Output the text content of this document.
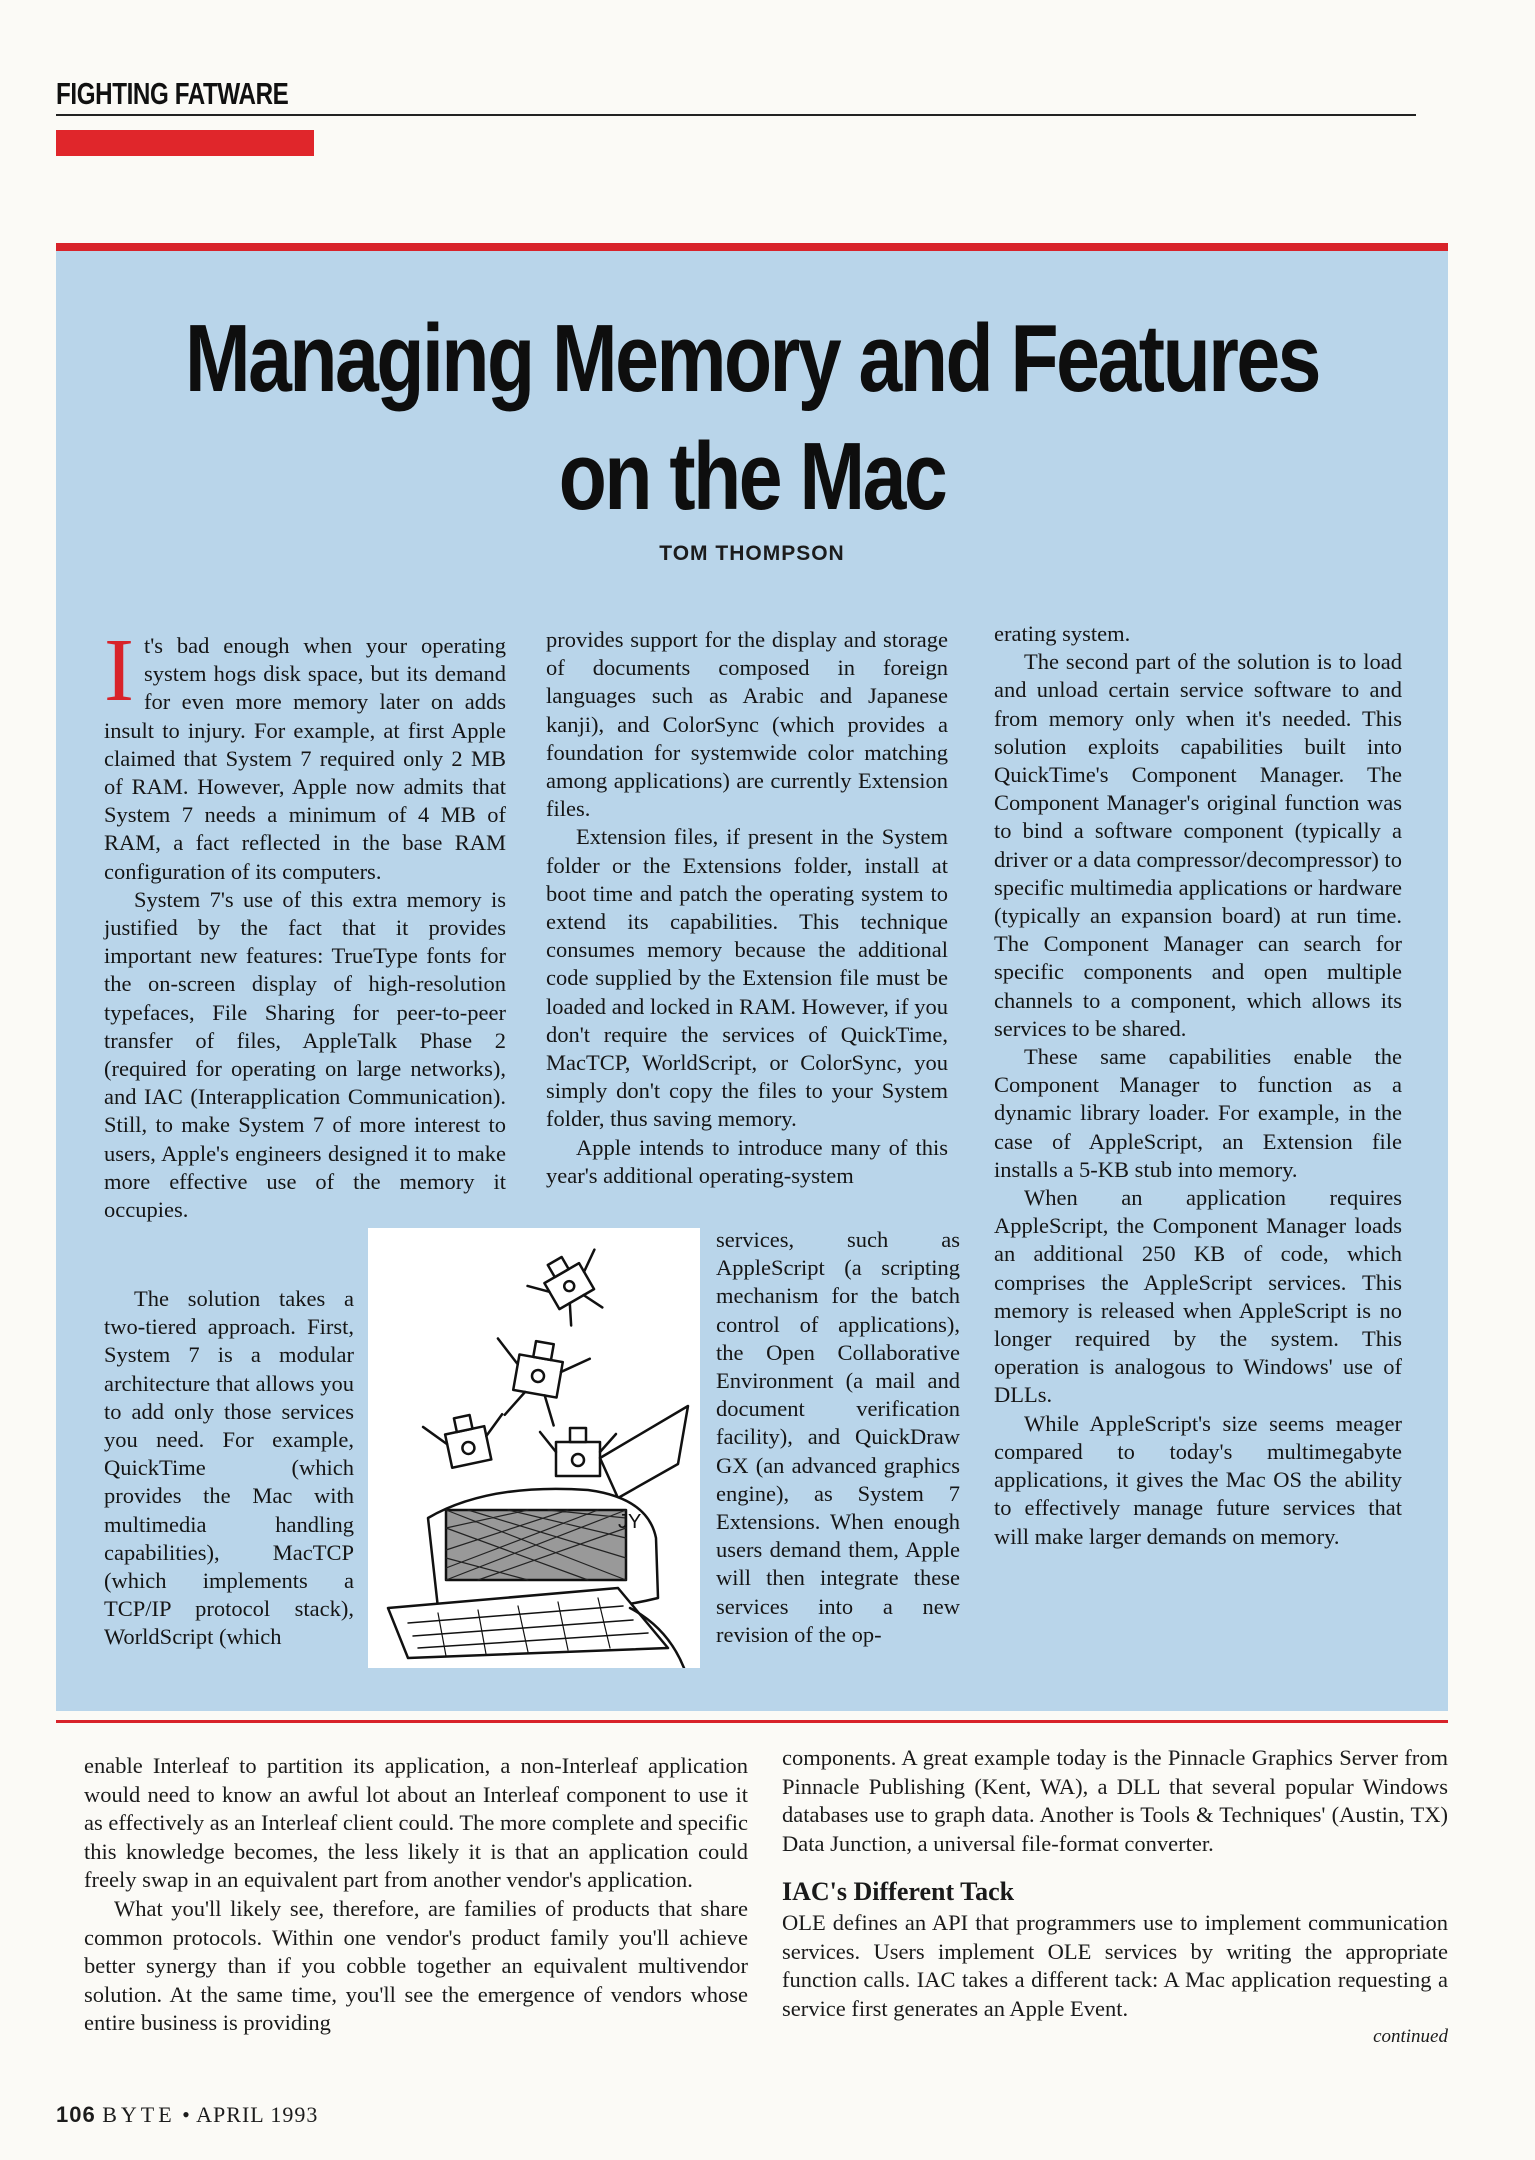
FIGHTING FATWARE
Managing Memory and Features
on the Mac
TOM THOMPSON
I t's bad enough when your operating system hogs disk space, but its demand for even more memory later on adds insult to injury. For example, at first Apple claimed that System 7 required only 2 MB of RAM. However, Apple now admits that System 7 needs a minimum of 4 MB of RAM, a fact reflected in the base RAM configuration of its computers.

System 7's use of this extra memory is justified by the fact that it provides important new features: TrueType fonts for the on-screen display of high-resolution typefaces, File Sharing for peer-to-peer transfer of files, AppleTalk Phase 2 (required for operating on large networks), and IAC (Interapplication Communication). Still, to make System 7 of more interest to users, Apple's engineers designed it to make more effective use of the memory it occupies.

The solution takes a two-tiered approach. First, System 7 is a modular architecture that allows you to add only those services you need. For example, QuickTime (which provides the Mac with multimedia handling capabilities), MacTCP (which implements a TCP/IP protocol stack), WorldScript (which

JY

provides support for the display and storage of documents composed in foreign languages such as Arabic and Japanese kanji), and ColorSync (which provides a foundation for systemwide color matching among applications) are currently Extension files.

Extension files, if present in the System folder or the Extensions folder, install at boot time and patch the operating system to extend its capabilities. This technique consumes memory because the additional code supplied by the Extension file must be loaded and locked in RAM. However, if you don't require the services of QuickTime, MacTCP, WorldScript, or ColorSync, you simply don't copy the files to your System folder, thus saving memory.

Apple intends to introduce many of this year's additional operating-system

services, such as AppleScript (a scripting mechanism for the batch control of applications), the Open Collaborative Environment (a mail and document verification facility), and QuickDraw GX (an advanced graphics engine), as System 7 Extensions. When enough users demand them, Apple will then integrate these services into a new revision of the op-

erating system.

The second part of the solution is to load and unload certain service software to and from memory only when it's needed. This solution exploits capabilities built into QuickTime's Component Manager. The Component Manager's original function was to bind a software component (typically a driver or a data compressor/decompressor) to specific multimedia applications or hardware (typically an expansion board) at run time. The Component Manager can search for specific components and open multiple channels to a component, which allows its services to be shared.

These same capabilities enable the Component Manager to function as a dynamic library loader. For example, in the case of AppleScript, an Extension file installs a 5-KB stub into memory.

When an application requires AppleScript, the Component Manager loads an additional 250 KB of code, which comprises the AppleScript services. This memory is released when AppleScript is no longer required by the system. This operation is analogous to Windows' use of DLLs.

While AppleScript's size seems meager compared to today's multimegabyte applications, it gives the Mac OS the ability to effectively manage future services that will make larger demands on memory.

enable Interleaf to partition its application, a non-Interleaf application would need to know an awful lot about an Interleaf component to use it as effectively as an Interleaf client could. The more complete and specific this knowledge becomes, the less likely it is that an application could freely swap in an equivalent part from another vendor's application.

What you'll likely see, therefore, are families of products that share common protocols. Within one vendor's product family you'll achieve better synergy than if you cobble together an equivalent multivendor solution. At the same time, you'll see the emergence of vendors whose entire business is providing

components. A great example today is the Pinnacle Graphics Server from Pinnacle Publishing (Kent, WA), a DLL that several popular Windows databases use to graph data. Another is Tools & Techniques' (Austin, TX) Data Junction, a universal file-format converter.

IAC's Different Tack

OLE defines an API that programmers use to implement communication services. Users implement OLE services by writing the appropriate function calls. IAC takes a different tack: A Mac application requesting a service first generates an Apple Event.

continued
106 BYTE • APRIL 1993
